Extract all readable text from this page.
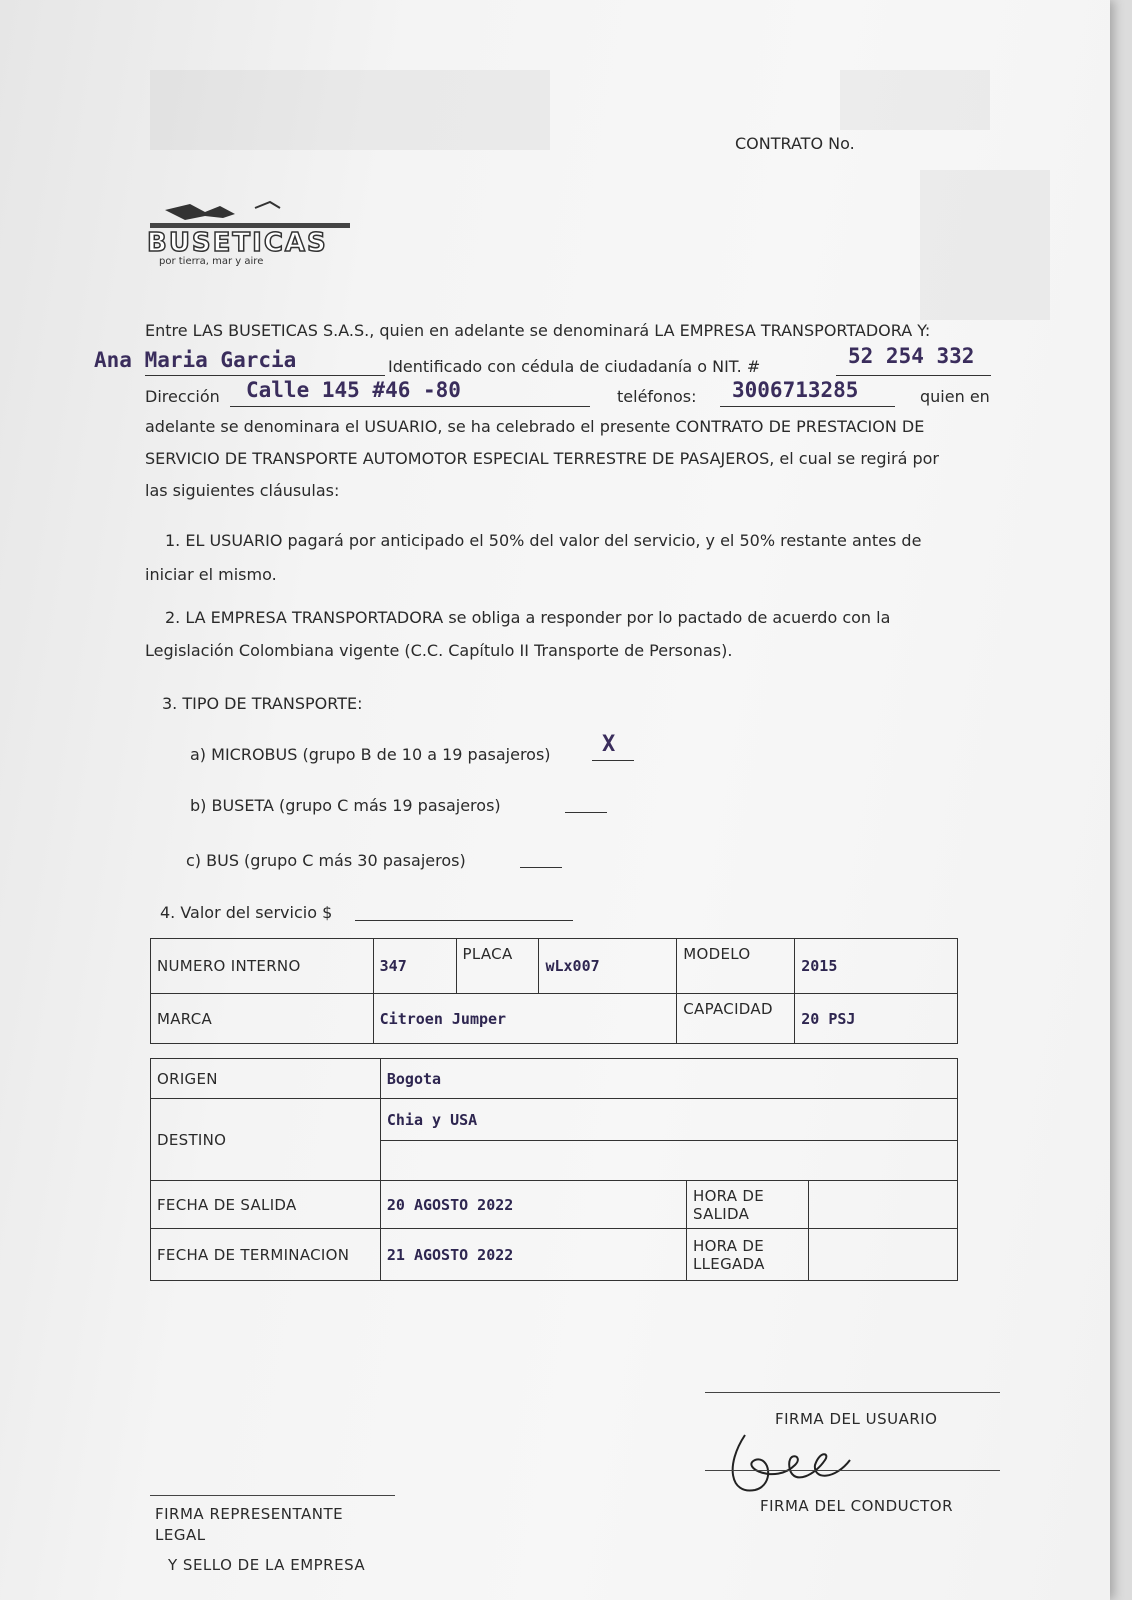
CONTRATO No.
BUSETICAS
por tierra, mar y aire
Entre LAS BUSETICAS S.A.S., quien en adelante se denominará LA EMPRESA TRANSPORTADORA Y:
Ana Maria Garcia	Identificado con cédula de ciudadanía o NIT. #	52 254 332
Dirección Calle 145 #46 -80	teléfonos: 3006713285	quien en
adelante se denominara el USUARIO, se ha celebrado el presente CONTRATO DE PRESTACION DE
SERVICIO DE TRANSPORTE AUTOMOTOR ESPECIAL TERRESTRE DE PASAJEROS, el cual se regirá por
las siguientes cláusulas:
1. EL USUARIO pagará por anticipado el 50% del valor del servicio, y el 50% restante antes de
iniciar el mismo.
2. LA EMPRESA TRANSPORTADORA se obliga a responder por lo pactado de acuerdo con la
Legislación Colombiana vigente (C.C. Capítulo II Transporte de Personas).
3. TIPO DE TRANSPORTE:
a) MICROBUS (grupo B de 10 a 19 pasajeros) X
b) BUSETA (grupo C más 19 pasajeros)
c) BUS (grupo C más 30 pasajeros)
4. Valor del servicio $
NUMERO INTERNO	347	PLACA	wLx007	MODELO	2015
MARCA	Citroen Jumper			CAPACIDAD	20 PSJ
ORIGEN	Bogota		
DESTINO	Chia y USA		

FECHA DE SALIDA	20 AGOSTO 2022	HORA DE SALIDA	
FECHA DE TERMINACION	21 AGOSTO 2022	HORA DE LLEGADA	
FIRMA DEL USUARIO
FIRMA DEL CONDUCTOR
FIRMA REPRESENTANTE
LEGAL
Y SELLO DE LA EMPRESA
